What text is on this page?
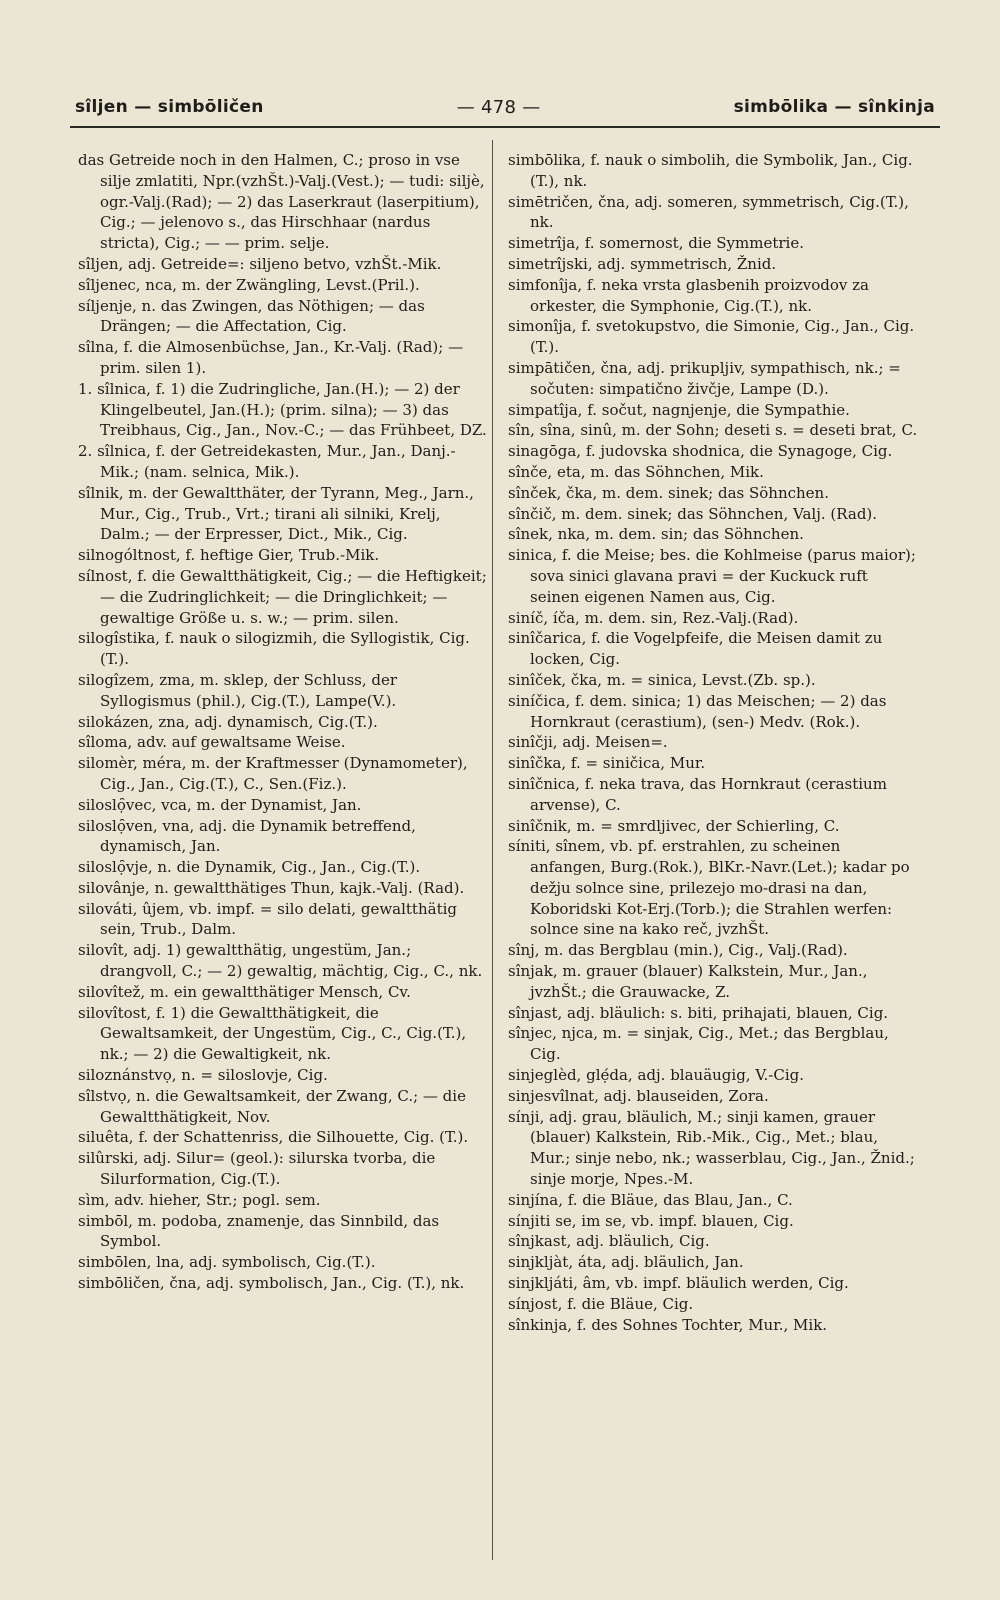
sîljen — simbōličen	— 478 —	simbōlika — sînkinja

das Getreide noch in den Halmen, C.; proso in vse silje zmlatiti, Npr.(vzhŠt.)-Valj.(Vest.); — tudi: siljè, ogr.-Valj.(Rad); — 2) das Laserkraut (laserpitium), Cig.; — jelenovo s., das Hirschhaar (nardus stricta), Cig.; — — prim. selje.

sîljen, adj. Getreide=: siljeno betvo, vzhŠt.-Mik.

sîljenec, nca, m. der Zwängling, Levst.(Pril.).

síljenje, n. das Zwingen, das Nöthigen; — das Drängen; — die Affectation, Cig.

sîlna, f. die Almosenbüchse, Jan., Kr.-Valj. (Rad); — prim. silen 1).

1. sîlnica, f. 1) die Zudringliche, Jan.(H.); — 2) der Klingelbeutel, Jan.(H.); (prim. silna); — 3) das Treibhaus, Cig., Jan., Nov.-C.; — das Frühbeet, DZ.

2. sîlnica, f. der Getreidekasten, Mur., Jan., Danj.-Mik.; (nam. selnica, Mik.).

sîlnik, m. der Gewaltthäter, der Tyrann, Meg., Jarn., Mur., Cig., Trub., Vrt.; tirani ali silniki, Krelj, Dalm.; — der Erpresser, Dict., Mik., Cig.

silnogóltnost, f. heftige Gier, Trub.-Mik.

sílnost, f. die Gewaltthätigkeit, Cig.; — die Heftigkeit; — die Zudringlichkeit; — die Dringlichkeit; — gewaltige Größe u. s. w.; — prim. silen.

silogîstika, f. nauk o silogizmih, die Syllogistik, Cig.(T.).

silogîzem, zma, m. sklep, der Schluss, der Syllogismus (phil.), Cig.(T.), Lampe(V.).

silokázen, zna, adj. dynamisch, Cig.(T.).

sîloma, adv. auf gewaltsame Weise.

silomèr, méra, m. der Kraftmesser (Dynamometer), Cig., Jan., Cig.(T.), C., Sen.(Fiz.).

siloslọ̑vec, vca, m. der Dynamist, Jan.

siloslọ̑ven, vna, adj. die Dynamik betreffend, dynamisch, Jan.

siloslọ̑vje, n. die Dynamik, Cig., Jan., Cig.(T.).

silovânje, n. gewaltthätiges Thun, kajk.-Valj. (Rad).

silováti, ûjem, vb. impf. = silo delati, gewaltthätig sein, Trub., Dalm.

silovît, adj. 1) gewaltthätig, ungestüm, Jan.; drangvoll, C.; — 2) gewaltig, mächtig, Cig., C., nk.

silovîtež, m. ein gewaltthätiger Mensch, Cv.

silovîtost, f. 1) die Gewaltthätigkeit, die Gewaltsamkeit, der Ungestüm, Cig., C., Cig.(T.), nk.; — 2) die Gewaltigkeit, nk.

siloznánstvọ, n. = siloslovje, Cig.

sîlstvọ, n. die Gewaltsamkeit, der Zwang, C.; — die Gewaltthätigkeit, Nov.

siluêta, f. der Schattenriss, die Silhouette, Cig. (T.).

silûrski, adj. Silur= (geol.): silurska tvorba, die Silurformation, Cig.(T.).

sìm, adv. hieher, Str.; pogl. sem.

simbōl, m. podoba, znamenje, das Sinnbild, das Symbol.

simbōlen, lna, adj. symbolisch, Cig.(T.).

simbōličen, čna, adj. symbolisch, Jan., Cig. (T.), nk.

simbōlika, f. nauk o simbolih, die Symbolik, Jan., Cig.(T.), nk.

simētričen, čna, adj. someren, symmetrisch, Cig.(T.), nk.

simetrîja, f. somernost, die Symmetrie.

simetrîjski, adj. symmetrisch, Žnid.

simfonîja, f. neka vrsta glasbenih proizvodov za orkester, die Symphonie, Cig.(T.), nk.

simonîja, f. svetokupstvo, die Simonie, Cig., Jan., Cig.(T.).

simpātičen, čna, adj. prikupljiv, sympathisch, nk.; = sočuten: simpatično živčje, Lampe (D.).

simpatîja, f. sočut, nagnjenje, die Sympathie.

sîn, sîna, sinû, m. der Sohn; deseti s. = deseti brat, C.

sinagōga, f. judovska shodnica, die Synagoge, Cig.

sînče, eta, m. das Söhnchen, Mik.

sînček, čka, m. dem. sinek; das Söhnchen.

sînčič, m. dem. sinek; das Söhnchen, Valj. (Rad).

sînek, nka, m. dem. sin; das Söhnchen.

sinica, f. die Meise; bes. die Kohlmeise (parus maior); sova sinici glavana pravi = der Kuckuck ruft seinen eigenen Namen aus, Cig.

siníč, íča, m. dem. sin, Rez.-Valj.(Rad).

sinîčarica, f. die Vogelpfeife, die Meisen damit zu locken, Cig.

sinîček, čka, m. = sinica, Levst.(Zb. sp.).

siníčica, f. dem. sinica; 1) das Meischen; — 2) das Hornkraut (cerastium), (sen-) Medv. (Rok.).

sinîčji, adj. Meisen=.

sinîčka, f. = siničica, Mur.

sinîčnica, f. neka trava, das Hornkraut (cerastium arvense), C.

sinîčnik, m. = smrdljivec, der Schierling, C.

síniti, sînem, vb. pf. erstrahlen, zu scheinen anfangen, Burg.(Rok.), BlKr.-Navr.(Let.); kadar po dežju solnce sine, prilezejo mo-drasi na dan, Koboridski Kot-Erj.(Torb.); die Strahlen werfen: solnce sine na kako reč, jvzhŠt.

sînj, m. das Bergblau (min.), Cig., Valj.(Rad).

sînjak, m. grauer (blauer) Kalkstein, Mur., Jan., jvzhŠt.; die Grauwacke, Z.

sînjast, adj. bläulich: s. biti, prihajati, blauen, Cig.

sînjec, njca, m. = sinjak, Cig., Met.; das Bergblau, Cig.

sinjeglèd, glẹ́da, adj. blauäugig, V.-Cig.

sinjesvîlnat, adj. blauseiden, Zora.

sínji, adj. grau, bläulich, M.; sinji kamen, grauer (blauer) Kalkstein, Rib.-Mik., Cig., Met.; blau, Mur.; sinje nebo, nk.; wasserblau, Cig., Jan., Žnid.; sinje morje, Npes.-M.

sinjína, f. die Bläue, das Blau, Jan., C.

sínjiti se, im se, vb. impf. blauen, Cig.

sînjkast, adj. bläulich, Cig.

sinjkljàt, áta, adj. bläulich, Jan.

sinjkljáti, âm, vb. impf. bläulich werden, Cig.

sínjost, f. die Bläue, Cig.

sînkinja, f. des Sohnes Tochter, Mur., Mik.
